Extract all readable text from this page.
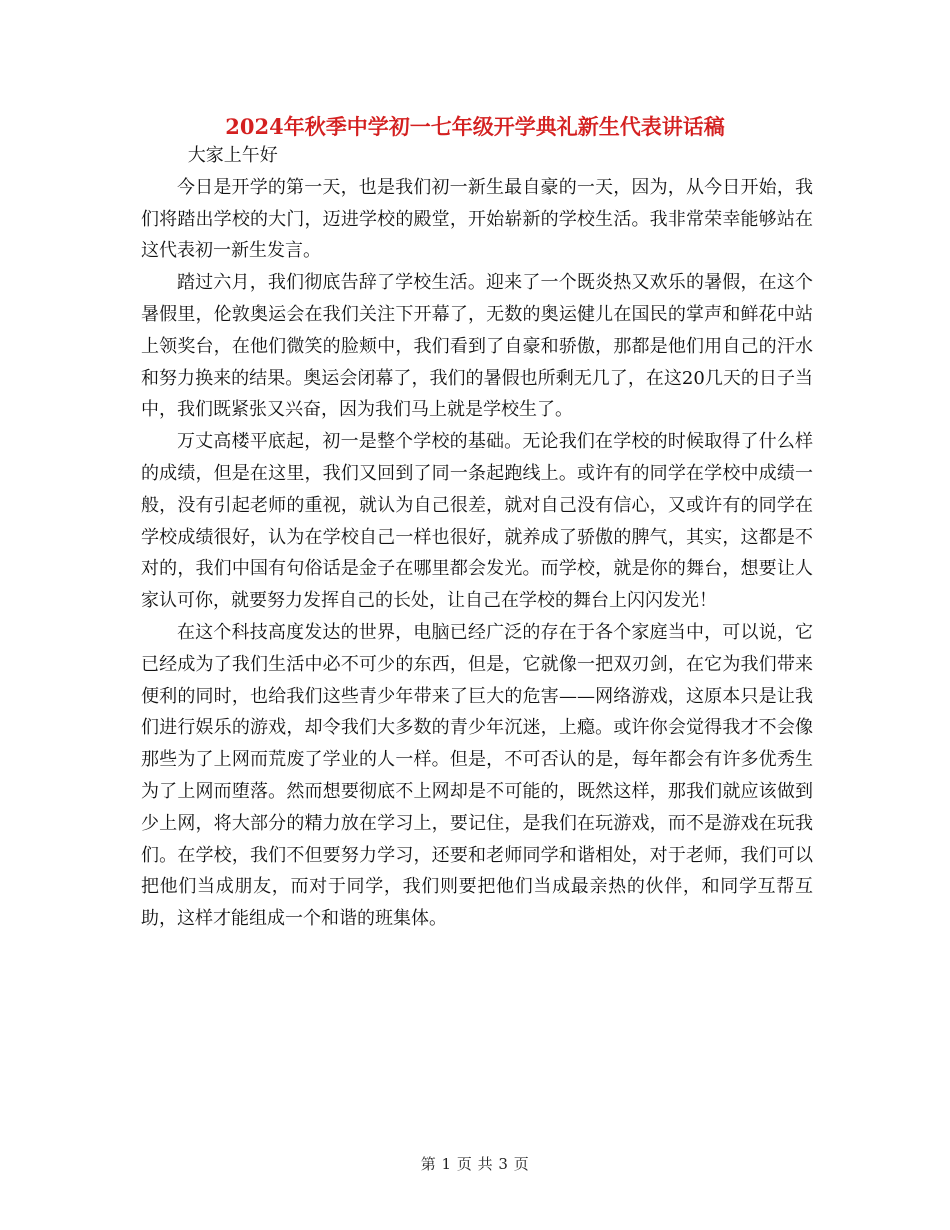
2024年秋季中学初一七年级开学典礼新生代表讲话稿

大家上午好

今日是开学的第一天，也是我们初一新生最自豪的一天，因为，从今日开始，我们将踏出学校的大门，迈进学校的殿堂，开始崭新的学校生活。我非常荣幸能够站在这代表初一新生发言。

踏过六月，我们彻底告辞了学校生活。迎来了一个既炎热又欢乐的暑假，在这个暑假里，伦敦奥运会在我们关注下开幕了，无数的奥运健儿在国民的掌声和鲜花中站上领奖台，在他们微笑的脸颊中，我们看到了自豪和骄傲，那都是他们用自己的汗水和努力换来的结果。奥运会闭幕了，我们的暑假也所剩无几了，在这20几天的日子当中，我们既紧张又兴奋，因为我们马上就是学校生了。

万丈高楼平底起，初一是整个学校的基础。无论我们在学校的时候取得了什么样的成绩，但是在这里，我们又回到了同一条起跑线上。或许有的同学在学校中成绩一般，没有引起老师的重视，就认为自己很差，就对自己没有信心，又或许有的同学在学校成绩很好，认为在学校自己一样也很好，就养成了骄傲的脾气，其实，这都是不对的，我们中国有句俗话是金子在哪里都会发光。而学校，就是你的舞台，想要让人家认可你，就要努力发挥自己的长处，让自己在学校的舞台上闪闪发光！

在这个科技高度发达的世界，电脑已经广泛的存在于各个家庭当中，可以说，它已经成为了我们生活中必不可少的东西，但是，它就像一把双刃剑，在它为我们带来便利的同时，也给我们这些青少年带来了巨大的危害——网络游戏，这原本只是让我们进行娱乐的游戏，却令我们大多数的青少年沉迷，上瘾。或许你会觉得我才不会像那些为了上网而荒废了学业的人一样。但是，不可否认的是，每年都会有许多优秀生为了上网而堕落。然而想要彻底不上网却是不可能的，既然这样，那我们就应该做到少上网，将大部分的精力放在学习上，要记住，是我们在玩游戏，而不是游戏在玩我们。在学校，我们不但要努力学习，还要和老师同学和谐相处，对于老师，我们可以把他们当成朋友，而对于同学，我们则要把他们当成最亲热的伙伴，和同学互帮互助，这样才能组成一个和谐的班集体。

第 1 页 共 3 页
